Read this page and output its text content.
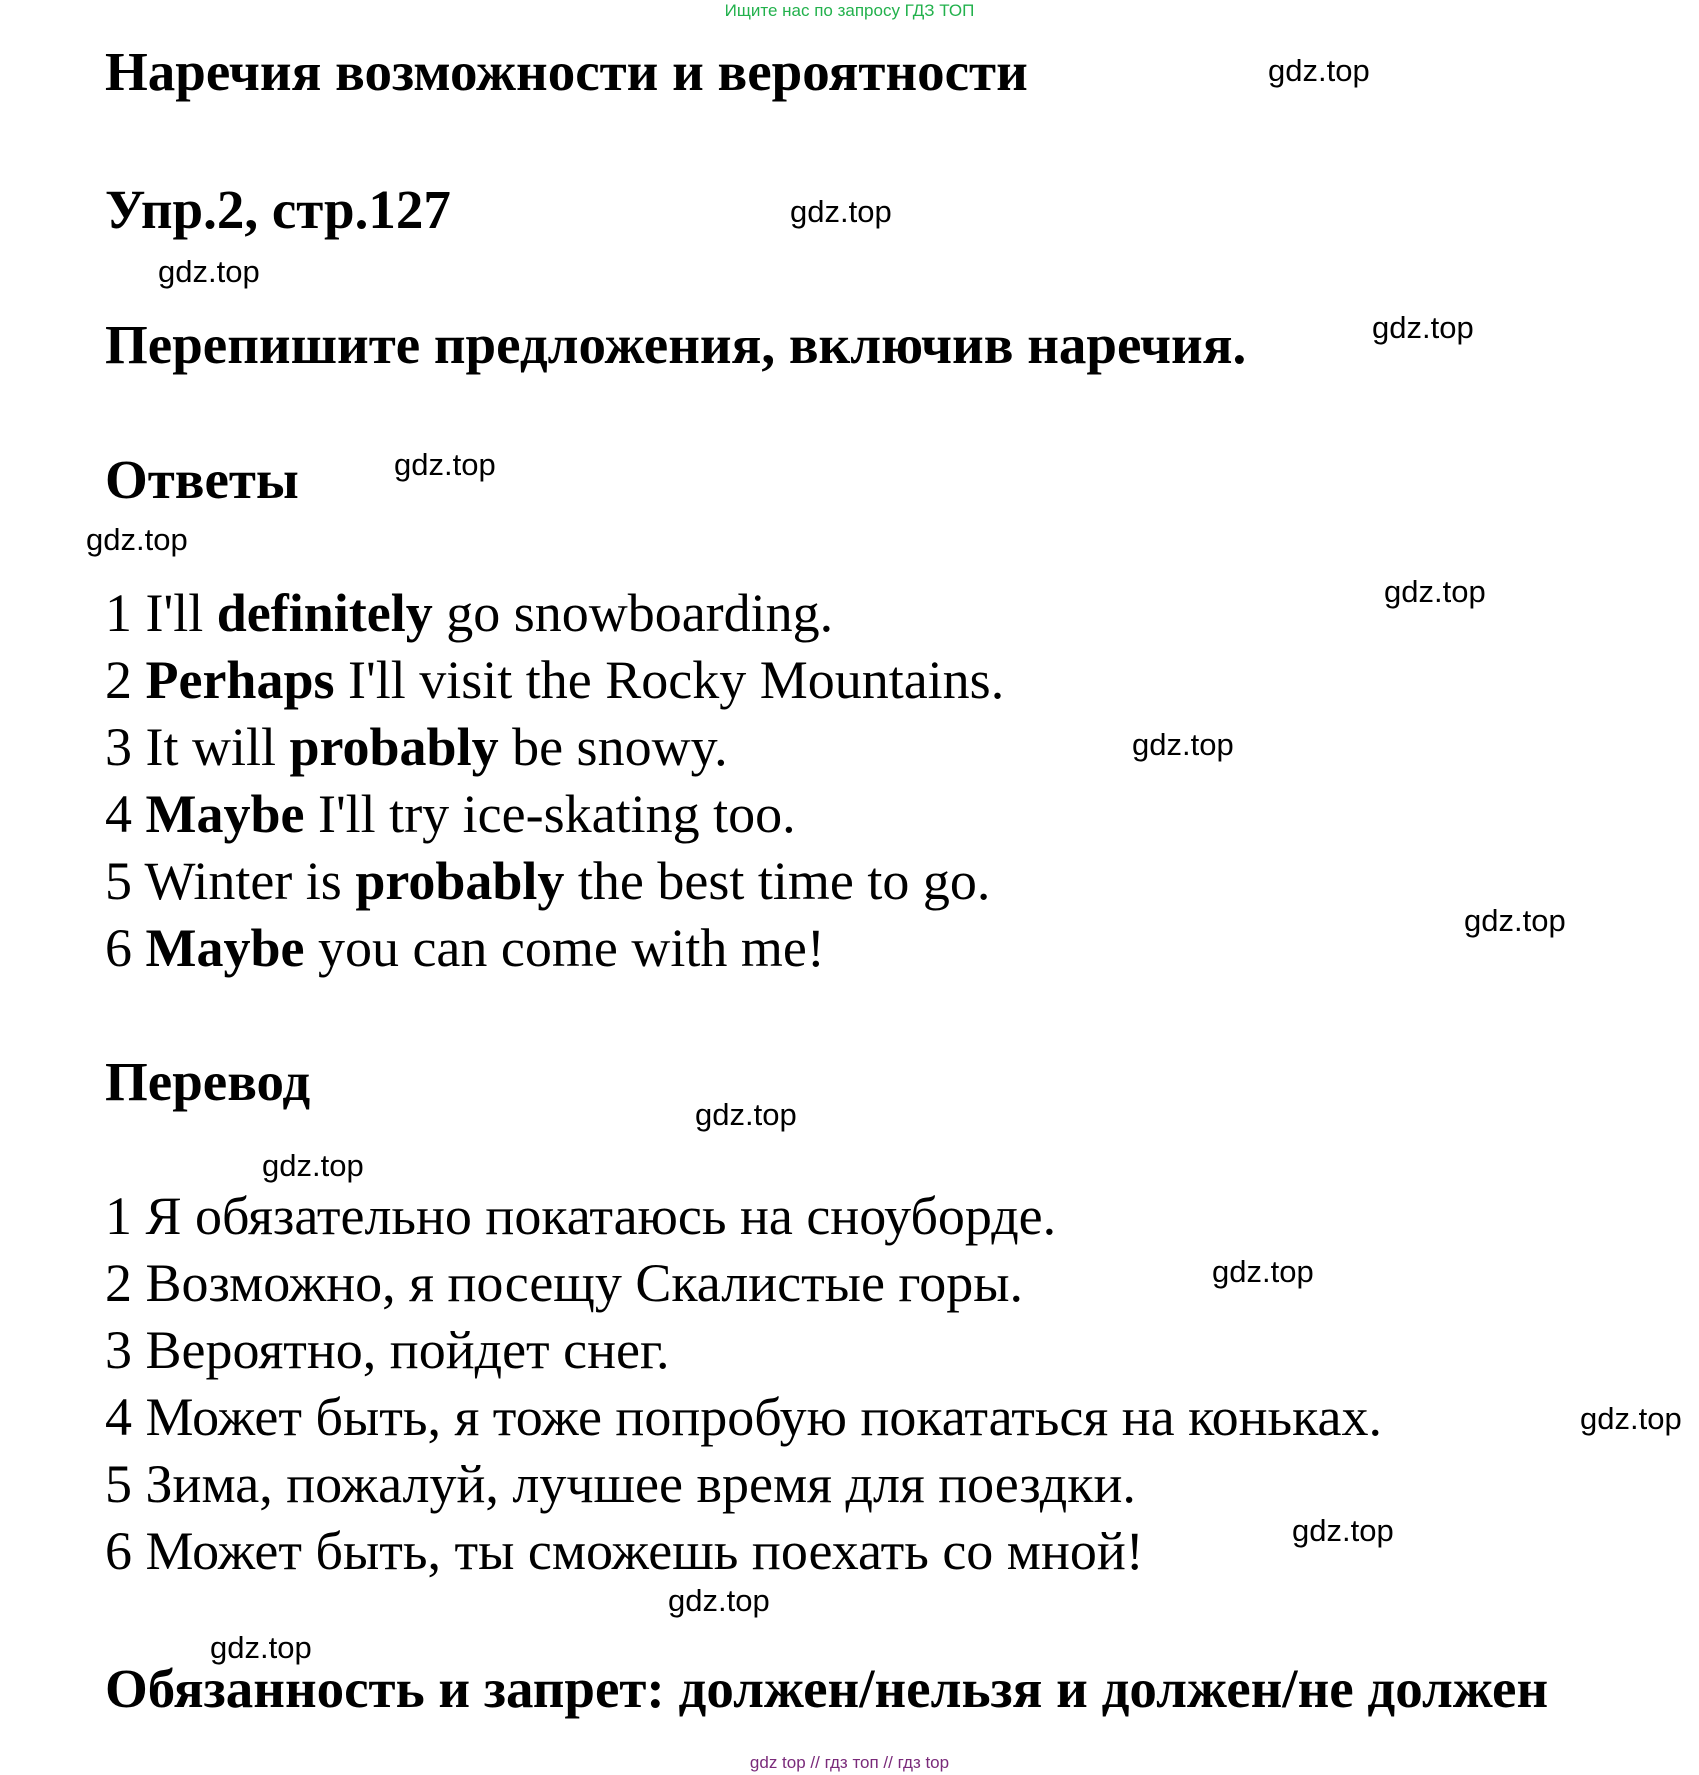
Ищите нас по запросу ГДЗ ТОП
Наречия возможности и вероятности
Упр.2, стр.127
Перепишите предложения, включив наречия.
Ответы
1 I'll definitely go snowboarding.
2 Perhaps I'll visit the Rocky Mountains.
3 It will probably be snowy.
4 Maybe I'll try ice-skating too.
5 Winter is probably the best time to go.
6 Maybe you can come with me!
Перевод
1 Я обязательно покатаюсь на сноуборде.
2 Возможно, я посещу Скалистые горы.
3 Вероятно, пойдет снег.
4 Может быть, я тоже попробую покататься на коньках.
5 Зима, пожалуй, лучшее время для поездки.
6 Может быть, ты сможешь поехать со мной!
Обязанность и запрет: должен/нельзя и должен/не должен
gdz.top
gdz.top
gdz.top
gdz.top
gdz.top
gdz.top
gdz.top
gdz.top
gdz.top
gdz.top
gdz.top
gdz.top
gdz.top
gdz.top
gdz.top
gdz.top
gdz top // гдз топ // гдз top
